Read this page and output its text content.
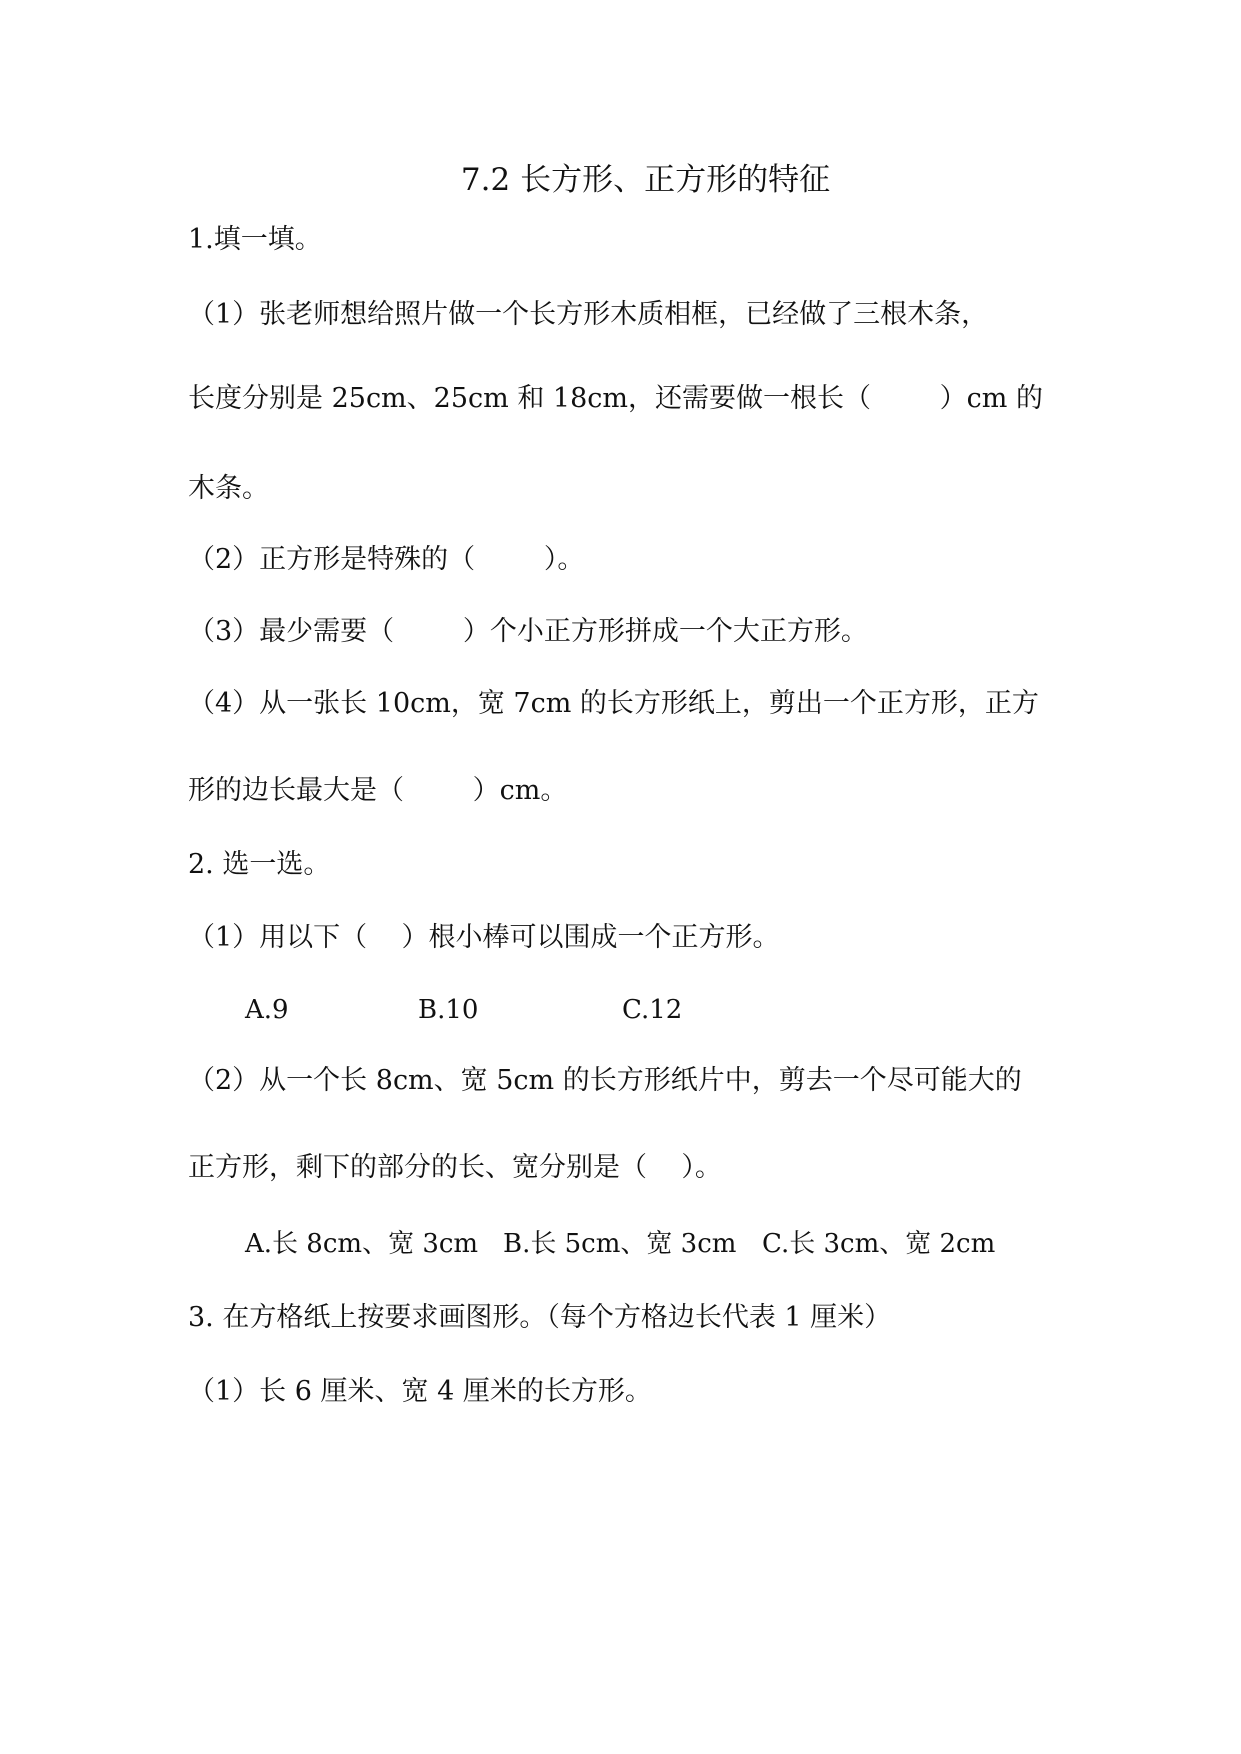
7.2 长方形、正方形的特征
1.填一填。
（1）张老师想给照片做一个长方形木质相框，已经做了三根木条，
长度分别是 25cm、25cm 和 18cm，还需要做一根长（        ）cm 的
木条。
（2）正方形是特殊的（        ）。
（3）最少需要（        ）个小正方形拼成一个大正方形。
（4）从一张长 10cm，宽 7cm 的长方形纸上，剪出一个正方形，正方
形的边长最大是（        ）cm。
2. 选一选。
（1）用以下（    ）根小棒可以围成一个正方形。
A.9	B.10	C.12
（2）从一个长 8cm、宽 5cm 的长方形纸片中，剪去一个尽可能大的
正方形，剩下的部分的长、宽分别是（    ）。
A.长 8cm、宽 3cm B.长 5cm、宽 3cm C.长 3cm、宽 2cm
3. 在方格纸上按要求画图形。（每个方格边长代表 1 厘米）
（1）长 6 厘米、宽 4 厘米的长方形。
